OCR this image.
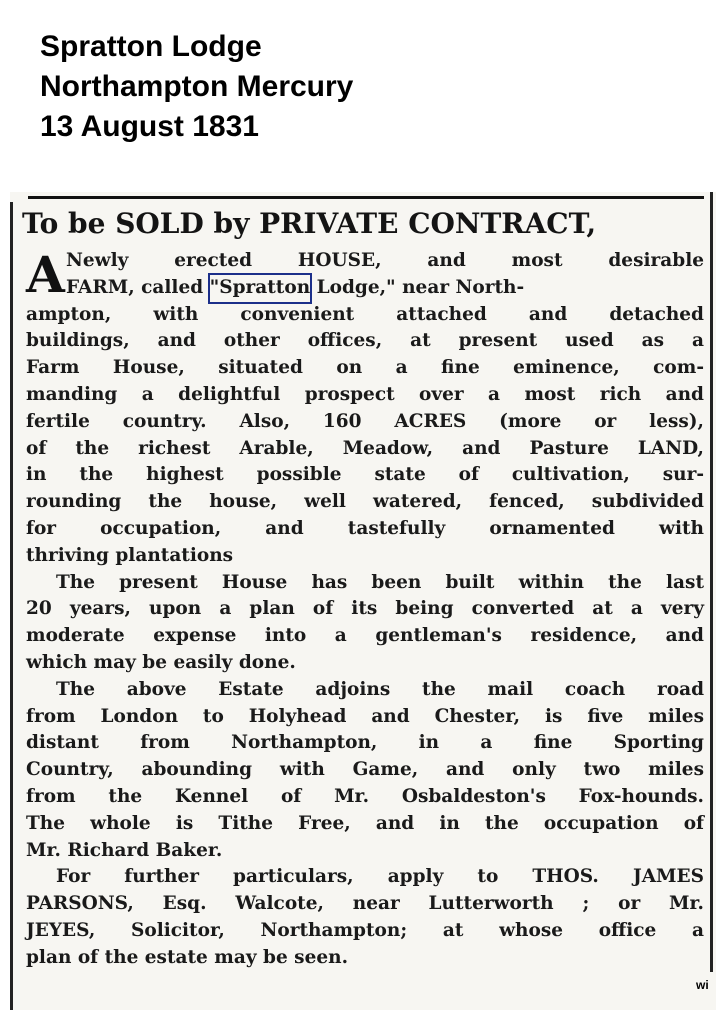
Spratton Lodge
Northampton Mercury
13 August 1831
To be SOLD by PRIVATE CONTRACT,
A Newly erected HOUSE, and most desirable
FARM, called "Spratton Lodge," near North-
ampton, with convenient attached and detached
buildings, and other offices, at present used as a
Farm House, situated on a fine eminence, com-
manding a delightful prospect over a most rich and
fertile country. Also, 160 ACRES (more or less),
of the richest Arable, Meadow, and Pasture LAND,
in the highest possible state of cultivation, sur-
rounding the house, well watered, fenced, subdivided
for occupation, and tastefully ornamented with
thriving plantations
The present House has been built within the last
20 years, upon a plan of its being converted at a very
moderate expense into a gentleman's residence, and
which may be easily done.
The above Estate adjoins the mail coach road
from London to Holyhead and Chester, is five miles
distant from Northampton, in a fine Sporting
Country, abounding with Game, and only two miles
from the Kennel of Mr. Osbaldeston's Fox-hounds.
The whole is Tithe Free, and in the occupation of
Mr. Richard Baker.
For further particulars, apply to THOS. JAMES
PARSONS, Esq. Walcote, near Lutterworth ; or Mr.
JEYES, Solicitor, Northampton; at whose office a
plan of the estate may be seen.
wi
